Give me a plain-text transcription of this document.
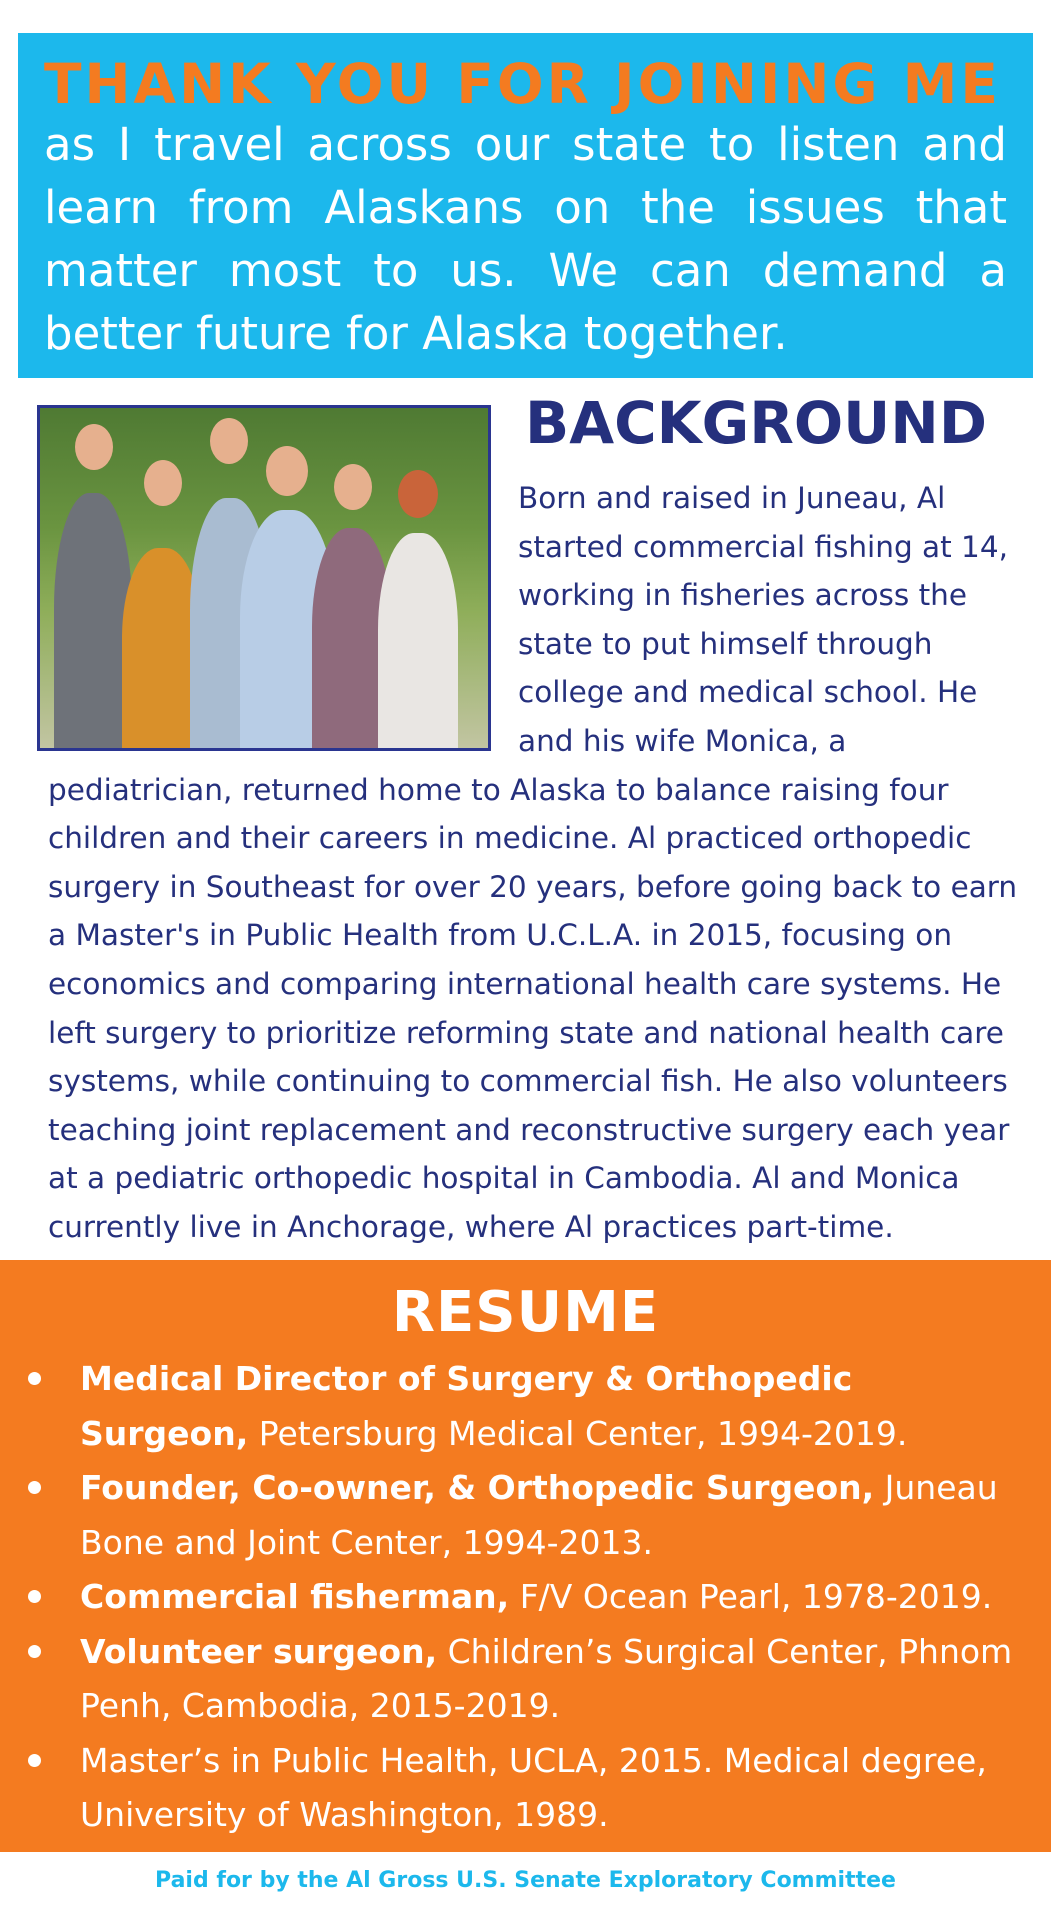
THANK YOU FOR JOINING ME
as I travel across our state to listen and learn from Alaskans on the issues that matter most to us. We can demand a better future for Alaska together.
BACKGROUND
Born and raised in Juneau, Al started commercial fishing at 14, working in fisheries across the state to put himself through college and medical school. He and his wife Monica, a pediatrician, returned home to Alaska to balance raising four children and their careers in medicine. Al practiced orthopedic surgery in Southeast for over 20 years, before going back to earn a Master's in Public Health from U.C.L.A. in 2015, focusing on economics and comparing international health care systems. He left surgery to prioritize reforming state and national health care systems, while continuing to commercial fish. He also volunteers teaching joint replacement and reconstructive surgery each year at a pediatric orthopedic hospital in Cambodia. Al and Monica currently live in Anchorage, where Al practices part-time.
RESUME
Medical Director of Surgery & Orthopedic Surgeon, Petersburg Medical Center, 1994-2019.
Founder, Co-owner, & Orthopedic Surgeon, Juneau Bone and Joint Center, 1994-2013.
Commercial fisherman, F/V Ocean Pearl, 1978-2019.
Volunteer surgeon, Children’s Surgical Center, Phnom Penh, Cambodia, 2015-2019.
Master’s in Public Health, UCLA, 2015. Medical degree, University of Washington, 1989.
Paid for by the Al Gross U.S. Senate Exploratory Committee
